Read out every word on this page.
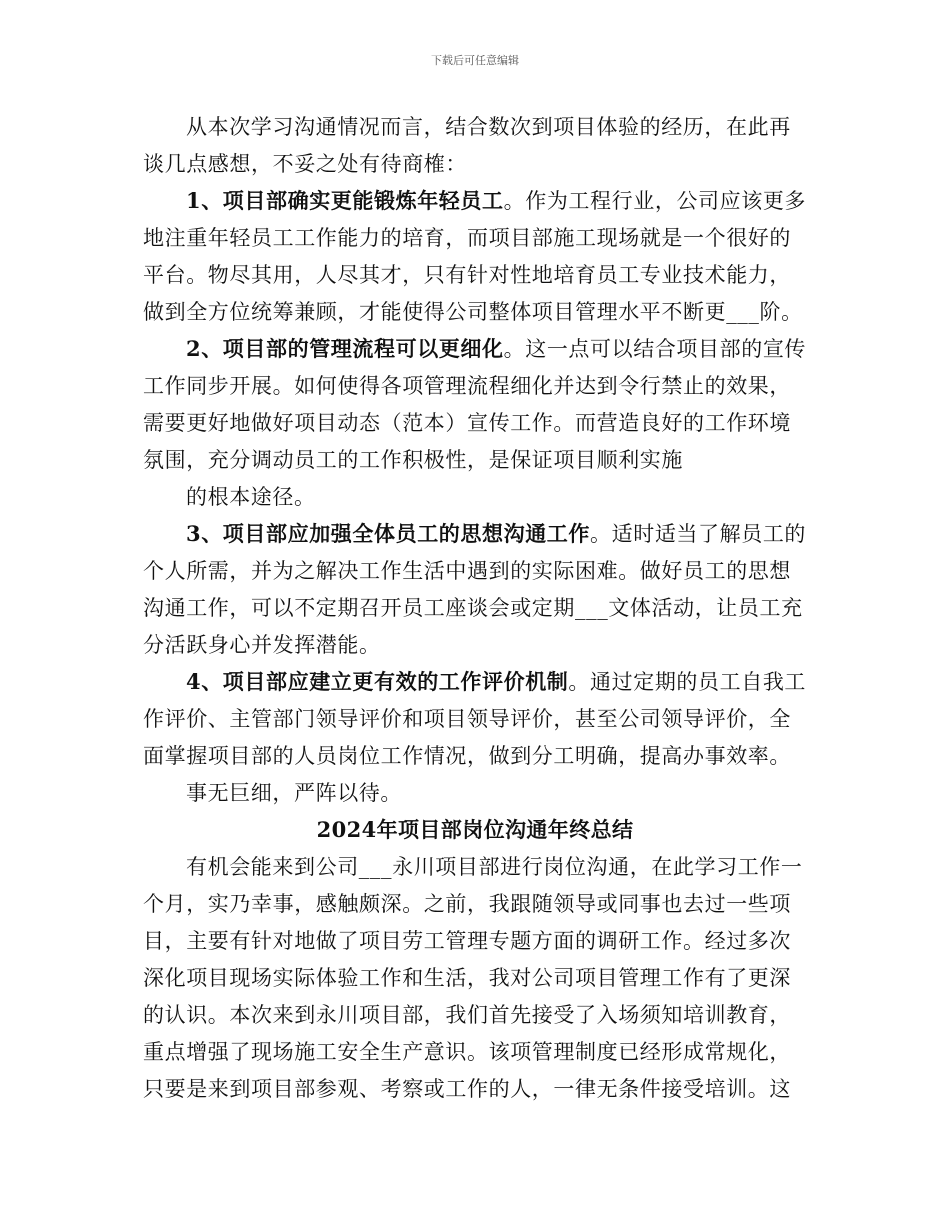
下载后可任意编辑
从本次学习沟通情况而言，结合数次到项目体验的经历，在此再
谈几点感想，不妥之处有待商榷：
1、项目部确实更能锻炼年轻员工。作为工程行业，公司应该更多
地注重年轻员工工作能力的培育，而项目部施工现场就是一个很好的
平台。物尽其用，人尽其才，只有针对性地培育员工专业技术能力，
做到全方位统筹兼顾，才能使得公司整体项目管理水平不断更___阶。
2、项目部的管理流程可以更细化。这一点可以结合项目部的宣传
工作同步开展。如何使得各项管理流程细化并达到令行禁止的效果，
需要更好地做好项目动态（范本）宣传工作。而营造良好的工作环境
氛围，充分调动员工的工作积极性，是保证项目顺利实施
的根本途径。
3、项目部应加强全体员工的思想沟通工作。适时适当了解员工的
个人所需，并为之解决工作生活中遇到的实际困难。做好员工的思想
沟通工作，可以不定期召开员工座谈会或定期___文体活动，让员工充
分活跃身心并发挥潜能。
4、项目部应建立更有效的工作评价机制。通过定期的员工自我工
作评价、主管部门领导评价和项目领导评价，甚至公司领导评价，全
面掌握项目部的人员岗位工作情况，做到分工明确，提高办事效率。
事无巨细，严阵以待。
2024年项目部岗位沟通年终总结
有机会能来到公司___永川项目部进行岗位沟通，在此学习工作一
个月，实乃幸事，感触颇深。之前，我跟随领导或同事也去过一些项
目，主要有针对地做了项目劳工管理专题方面的调研工作。经过多次
深化项目现场实际体验工作和生活，我对公司项目管理工作有了更深
的认识。本次来到永川项目部，我们首先接受了入场须知培训教育，
重点增强了现场施工安全生产意识。该项管理制度已经形成常规化，
只要是来到项目部参观、考察或工作的人，一律无条件接受培训。这
